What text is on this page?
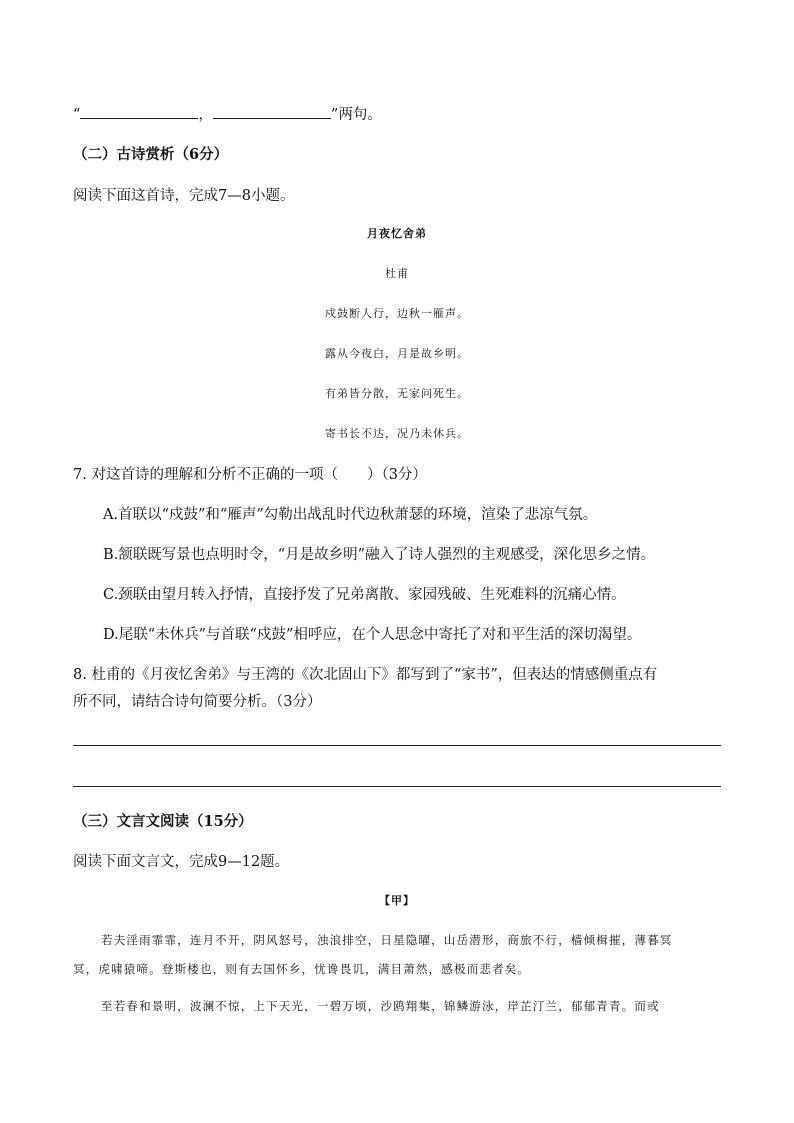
“	，	”两句。
（二）古诗赏析（6分）
阅读下面这首诗，完成7—8小题。
月夜忆舍弟
杜甫
戍鼓断人行，边秋一雁声。
露从今夜白，月是故乡明。
有弟皆分散，无家问死生。
寄书长不达，况乃未休兵。
7. 对这首诗的理解和分析不正确的一项（　　）（3分）
A.首联以“戍鼓”和“雁声”勾勒出战乱时代边秋萧瑟的环境，渲染了悲凉气氛。
B.颔联既写景也点明时令，“月是故乡明”融入了诗人强烈的主观感受，深化思乡之情。
C.颈联由望月转入抒情，直接抒发了兄弟离散、家园残破、生死难料的沉痛心情。
D.尾联“未休兵”与首联“戍鼓”相呼应，在个人思念中寄托了对和平生活的深切渴望。
8. 杜甫的《月夜忆舍弟》与王湾的《次北固山下》都写到了“家书”，但表达的情感侧重点有
所不同，请结合诗句简要分析。（3分）
（三）文言文阅读（15分）
阅读下面文言文，完成9—12题。
【甲】
若夫淫雨霏霏，连月不开，阴风怒号，浊浪排空，日星隐曜，山岳潜形，商旅不行，樯倾楫摧，薄暮冥
冥，虎啸猿啼。登斯楼也，则有去国怀乡，忧谗畏讥，满目萧然，感极而悲者矣。
至若春和景明，波澜不惊，上下天光，一碧万顷，沙鸥翔集，锦鳞游泳，岸芷汀兰，郁郁青青。而或
